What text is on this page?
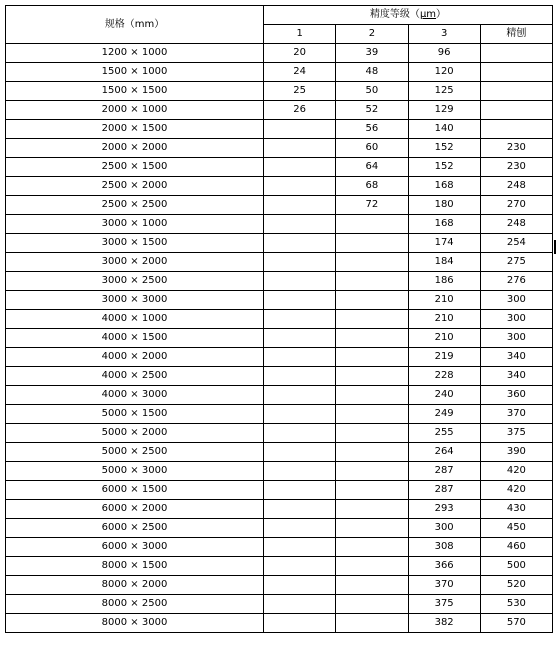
规格（mm）	精度等级（μm）			
	1	2	3	精刨
1200 × 1000	20	39	96	
1500 × 1000	24	48	120	
1500 × 1500	25	50	125	
2000 × 1000	26	52	129	
2000 × 1500		56	140	
2000 × 2000		60	152	230
2500 × 1500		64	152	230
2500 × 2000		68	168	248
2500 × 2500		72	180	270
3000 × 1000			168	248
3000 × 1500			174	254
3000 × 2000			184	275
3000 × 2500			186	276
3000 × 3000			210	300
4000 × 1000			210	300
4000 × 1500			210	300
4000 × 2000			219	340
4000 × 2500			228	340
4000 × 3000			240	360
5000 × 1500			249	370
5000 × 2000			255	375
5000 × 2500			264	390
5000 × 3000			287	420
6000 × 1500			287	420
6000 × 2000			293	430
6000 × 2500			300	450
6000 × 3000			308	460
8000 × 1500			366	500
8000 × 2000			370	520
8000 × 2500			375	530
8000 × 3000			382	570
